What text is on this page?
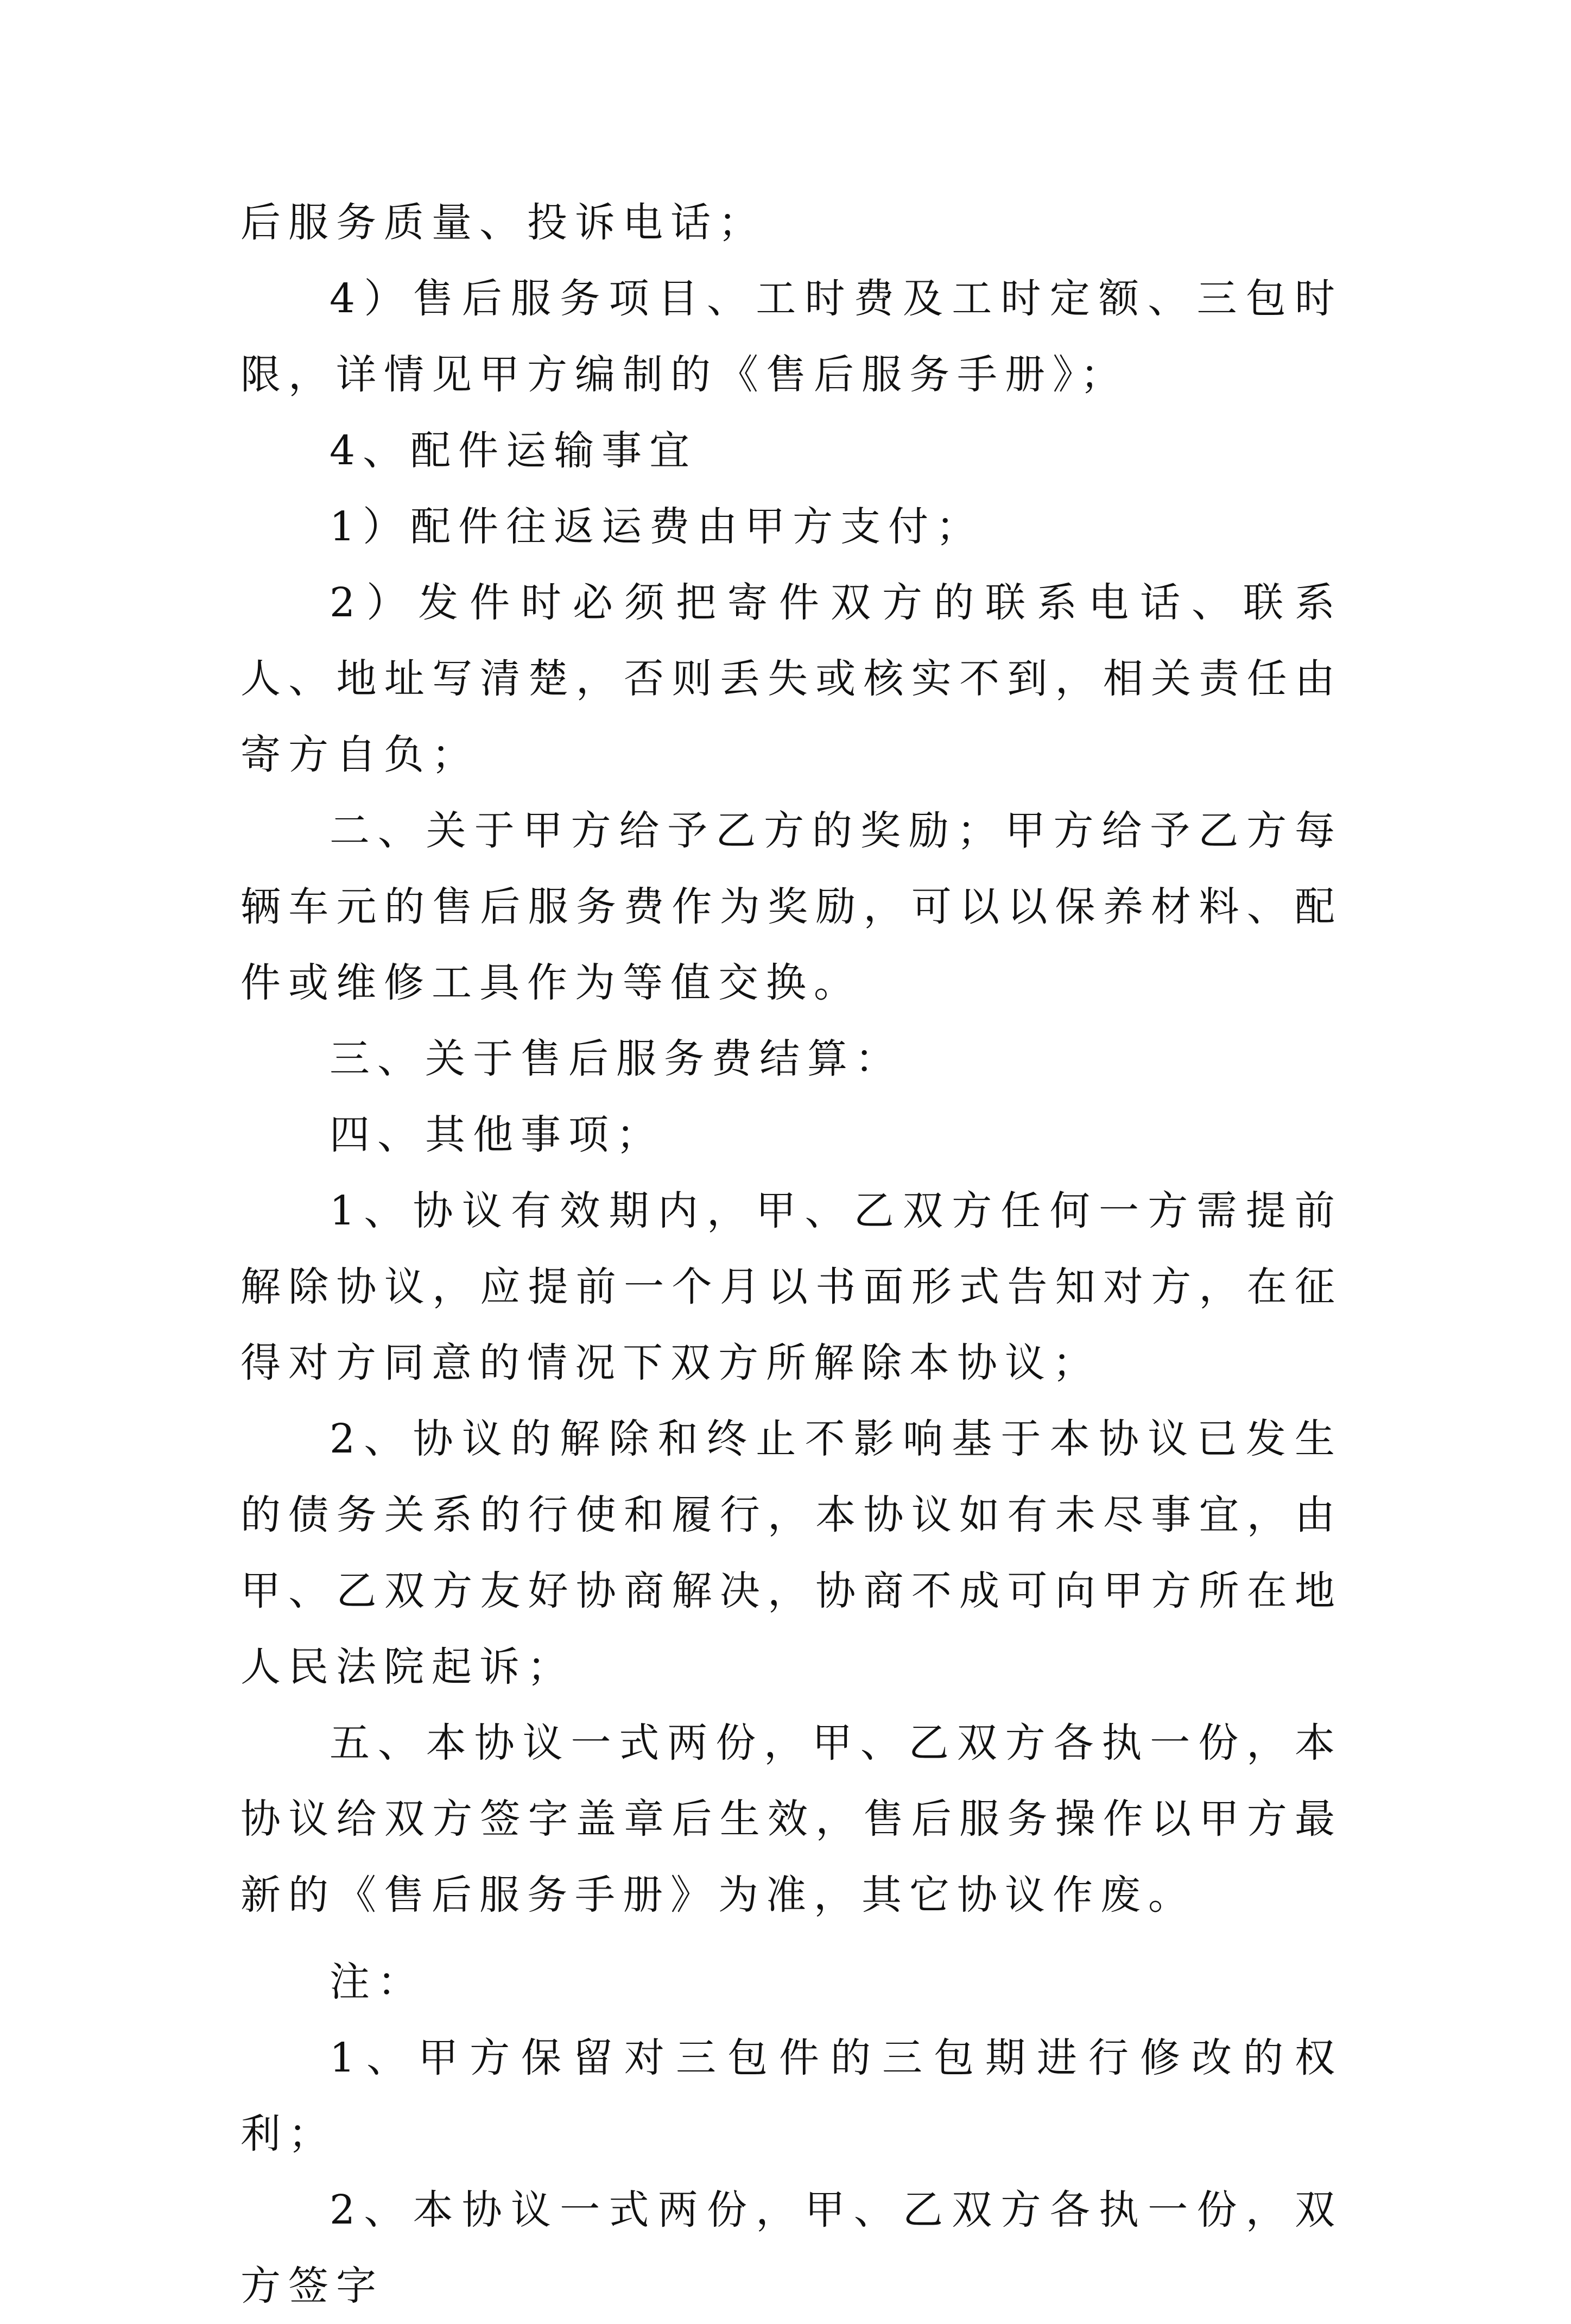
后服务质量、投诉电话；

4）售后服务项目、工时费及工时定额、三包时限，详情见甲方编制的《售后服务手册》；

4、配件运输事宜

1）配件往返运费由甲方支付；

2）发件时必须把寄件双方的联系电话、联系人、地址写清楚，否则丢失或核实不到，相关责任由寄方自负；

二、关于甲方给予乙方的奖励；甲方给予乙方每辆车元的售后服务费作为奖励，可以以保养材料、配件或维修工具作为等值交换。

三、关于售后服务费结算：

四、其他事项；

1、协议有效期内，甲、乙双方任何一方需提前解除协议，应提前一个月以书面形式告知对方，在征得对方同意的情况下双方所解除本协议；

2、协议的解除和终止不影响基于本协议已发生的债务关系的行使和履行，本协议如有未尽事宜，由甲、乙双方友好协商解决，协商不成可向甲方所在地人民法院起诉；

五、本协议一式两份，甲、乙双方各执一份，本协议给双方签字盖章后生效，售后服务操作以甲方最新的《售后服务手册》为准，其它协议作废。

注：

1、甲方保留对三包件的三包期进行修改的权利；

2、本协议一式两份，甲、乙双方各执一份，双方签字
